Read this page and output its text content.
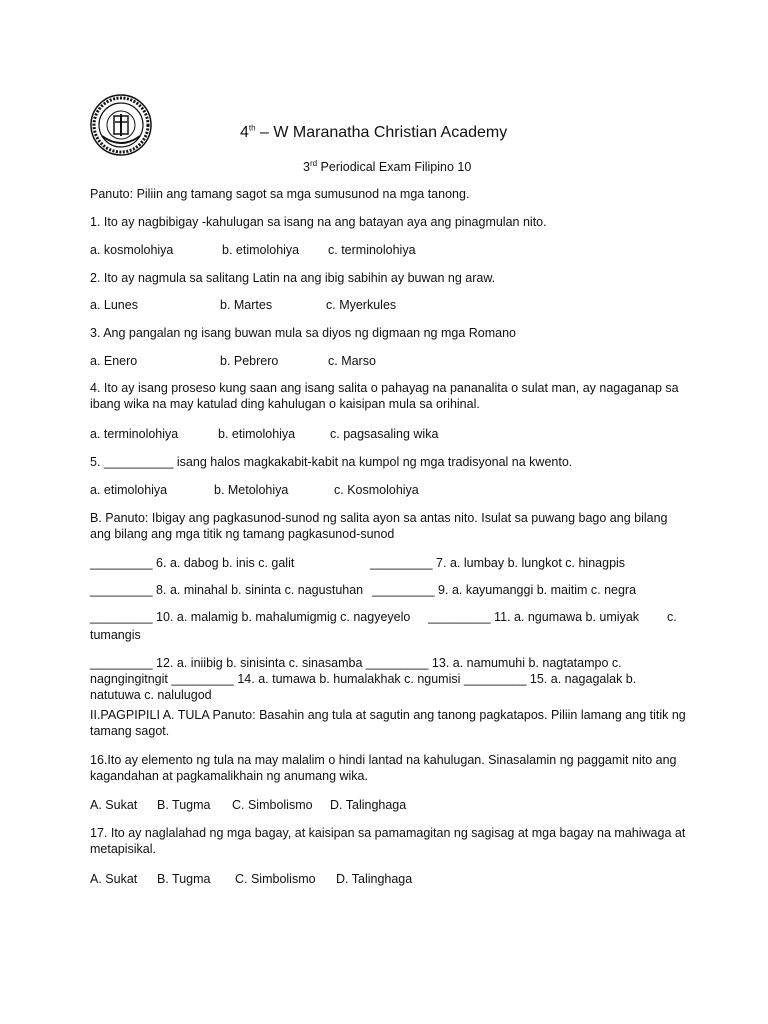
4th – W Maranatha Christian Academy
3rd Periodical Exam Filipino 10
Panuto: Piliin ang tamang sagot sa mga sumusunod na mga tanong.
1. Ito ay nagbibigay -kahulugan sa isang na ang batayan aya ang pinagmulan nito.
a. kosmolohiya	b. etimolohiya c. terminolohiya
2. Ito ay nagmula sa salitang Latin na ang ibig sabihin ay buwan ng araw.
a. Lunes	b. Martes	c. Myerkules
3. Ang pangalan ng isang buwan mula sa diyos ng digmaan ng mga Romano
a. Enero	b. Pebrero	c. Marso
4. Ito ay isang proseso kung saan ang isang salita o pahayag na pananalita o sulat man, ay nagaganap sa ibang wika na may katulad ding kahulugan o kaisipan mula sa orihinal.
a. terminolohiya	b. etimolohiya	c. pagsasaling wika
5. __________ isang halos magkakabit-kabit na kumpol ng mga tradisyonal na kwento.
a. etimolohiya	b. Metolohiya	c. Kosmolohiya
B. Panuto: Ibigay ang pagkasunod-sunod ng salita ayon sa antas nito. Isulat sa puwang bago ang bilang ang bilang ang mga titik ng tamang pagkasunod-sunod
_________ 6. a. dabog b. inis c. galit	_________ 7. a. lumbay b. lungkot c. hinagpis
_________ 8. a. minahal b. sininta c. nagustuhan _________ 9. a. kayumanggi b. maitim c. negra
_________ 10. a. malamig b. mahalumigmig c. nagyeyelo _________ 11. a. ngumawa b. umiyak c.
tumangis
_________ 12. a. iniibig b. sinisinta c. sinasamba _________ 13. a. namumuhi b. nagtatampo c. nagngingitngit _________ 14. a. tumawa b. humalakhak c. ngumisi _________ 15. a. nagagalak b. natutuwa c. nalulugod
II.PAGPIPILI A. TULA Panuto: Basahin ang tula at sagutin ang tanong pagkatapos. Piliin lamang ang titik ng tamang sagot.
16.Ito ay elemento ng tula na may malalim o hindi lantad na kahulugan. Sinasalamin ng paggamit nito ang kagandahan at pagkamalikhain ng anumang wika.
A. Sukat B. Tugma C. Simbolismo D. Talinghaga
17. Ito ay naglalahad ng mga bagay, at kaisipan sa pamamagitan ng sagisag at mga bagay na mahiwaga at metapisikal.
A. Sukat B. Tugma C. Simbolismo D. Talinghaga
